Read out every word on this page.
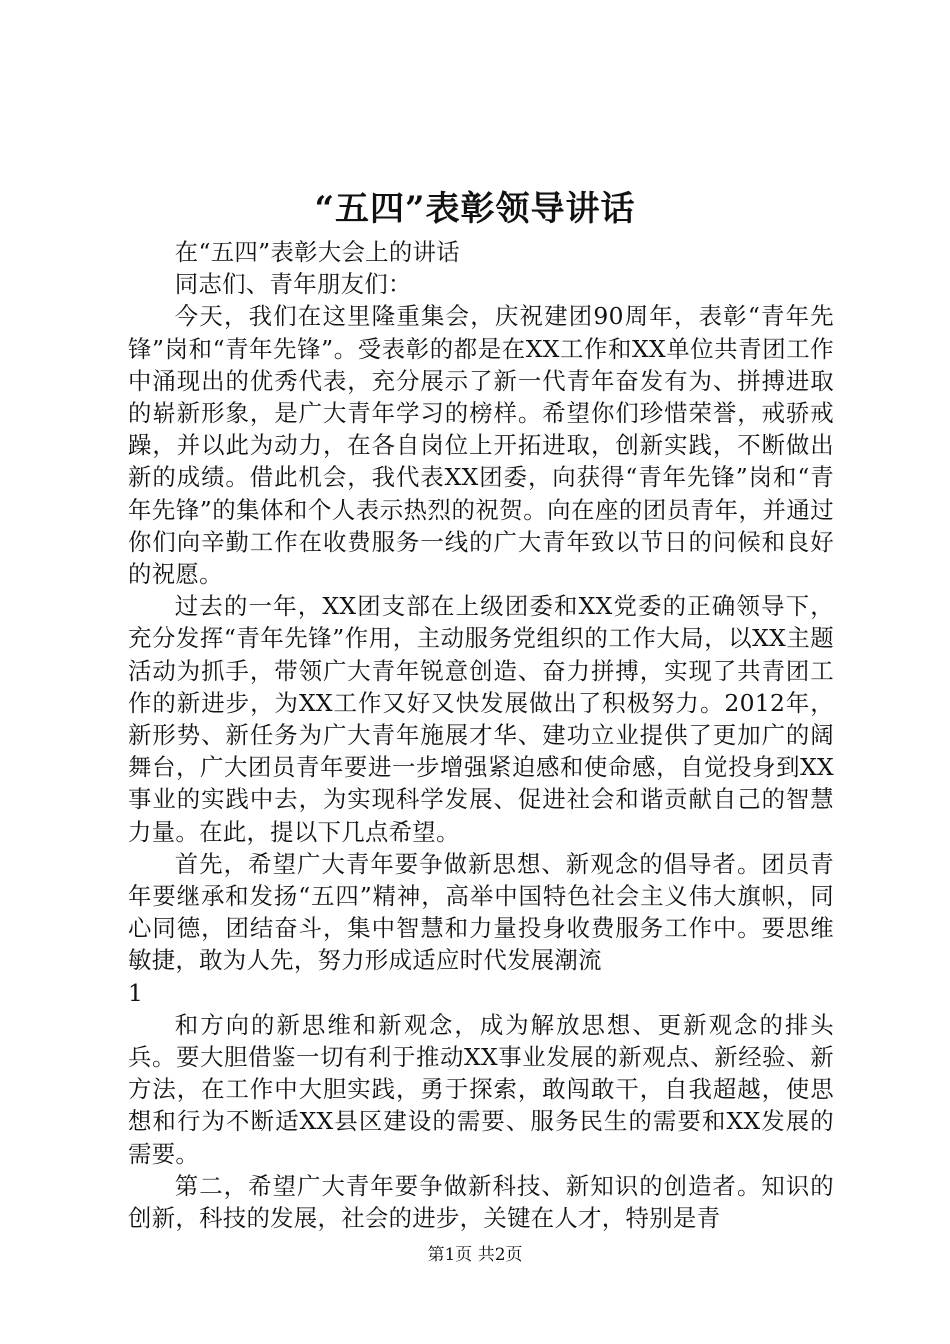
“五四”表彰领导讲话

在“五四”表彰大会上的讲话

同志们、青年朋友们：

今天，我们在这里隆重集会，庆祝建团90周年，表彰“青年先锋”岗和“青年先锋”。受表彰的都是在XX工作和XX单位共青团工作中涌现出的优秀代表，充分展示了新一代青年奋发有为、拼搏进取的崭新形象，是广大青年学习的榜样。希望你们珍惜荣誉，戒骄戒躁，并以此为动力，在各自岗位上开拓进取，创新实践，不断做出新的成绩。借此机会，我代表XX团委，向获得“青年先锋”岗和“青年先锋”的集体和个人表示热烈的祝贺。向在座的团员青年，并通过你们向辛勤工作在收费服务一线的广大青年致以节日的问候和良好的祝愿。

过去的一年，XX团支部在上级团委和XX党委的正确领导下，充分发挥“青年先锋”作用，主动服务党组织的工作大局，以XX主题活动为抓手，带领广大青年锐意创造、奋力拼搏，实现了共青团工作的新进步，为XX工作又好又快发展做出了积极努力。2012年，新形势、新任务为广大青年施展才华、建功立业提供了更加广的阔舞台，广大团员青年要进一步增强紧迫感和使命感，自觉投身到XX事业的实践中去，为实现科学发展、促进社会和谐贡献自己的智慧力量。在此，提以下几点希望。

首先，希望广大青年要争做新思想、新观念的倡导者。团员青年要继承和发扬“五四”精神，高举中国特色社会主义伟大旗帜，同心同德，团结奋斗，集中智慧和力量投身收费服务工作中。要思维敏捷，敢为人先，努力形成适应时代发展潮流

1

和方向的新思维和新观念，成为解放思想、更新观念的排头兵。要大胆借鉴一切有利于推动XX事业发展的新观点、新经验、新方法，在工作中大胆实践，勇于探索，敢闯敢干，自我超越，使思想和行为不断适XX县区建设的需要、服务民生的需要和XX发展的需要。

第二，希望广大青年要争做新科技、新知识的创造者。知识的创新，科技的发展，社会的进步，关键在人才，特别是青

第1页 共2页
